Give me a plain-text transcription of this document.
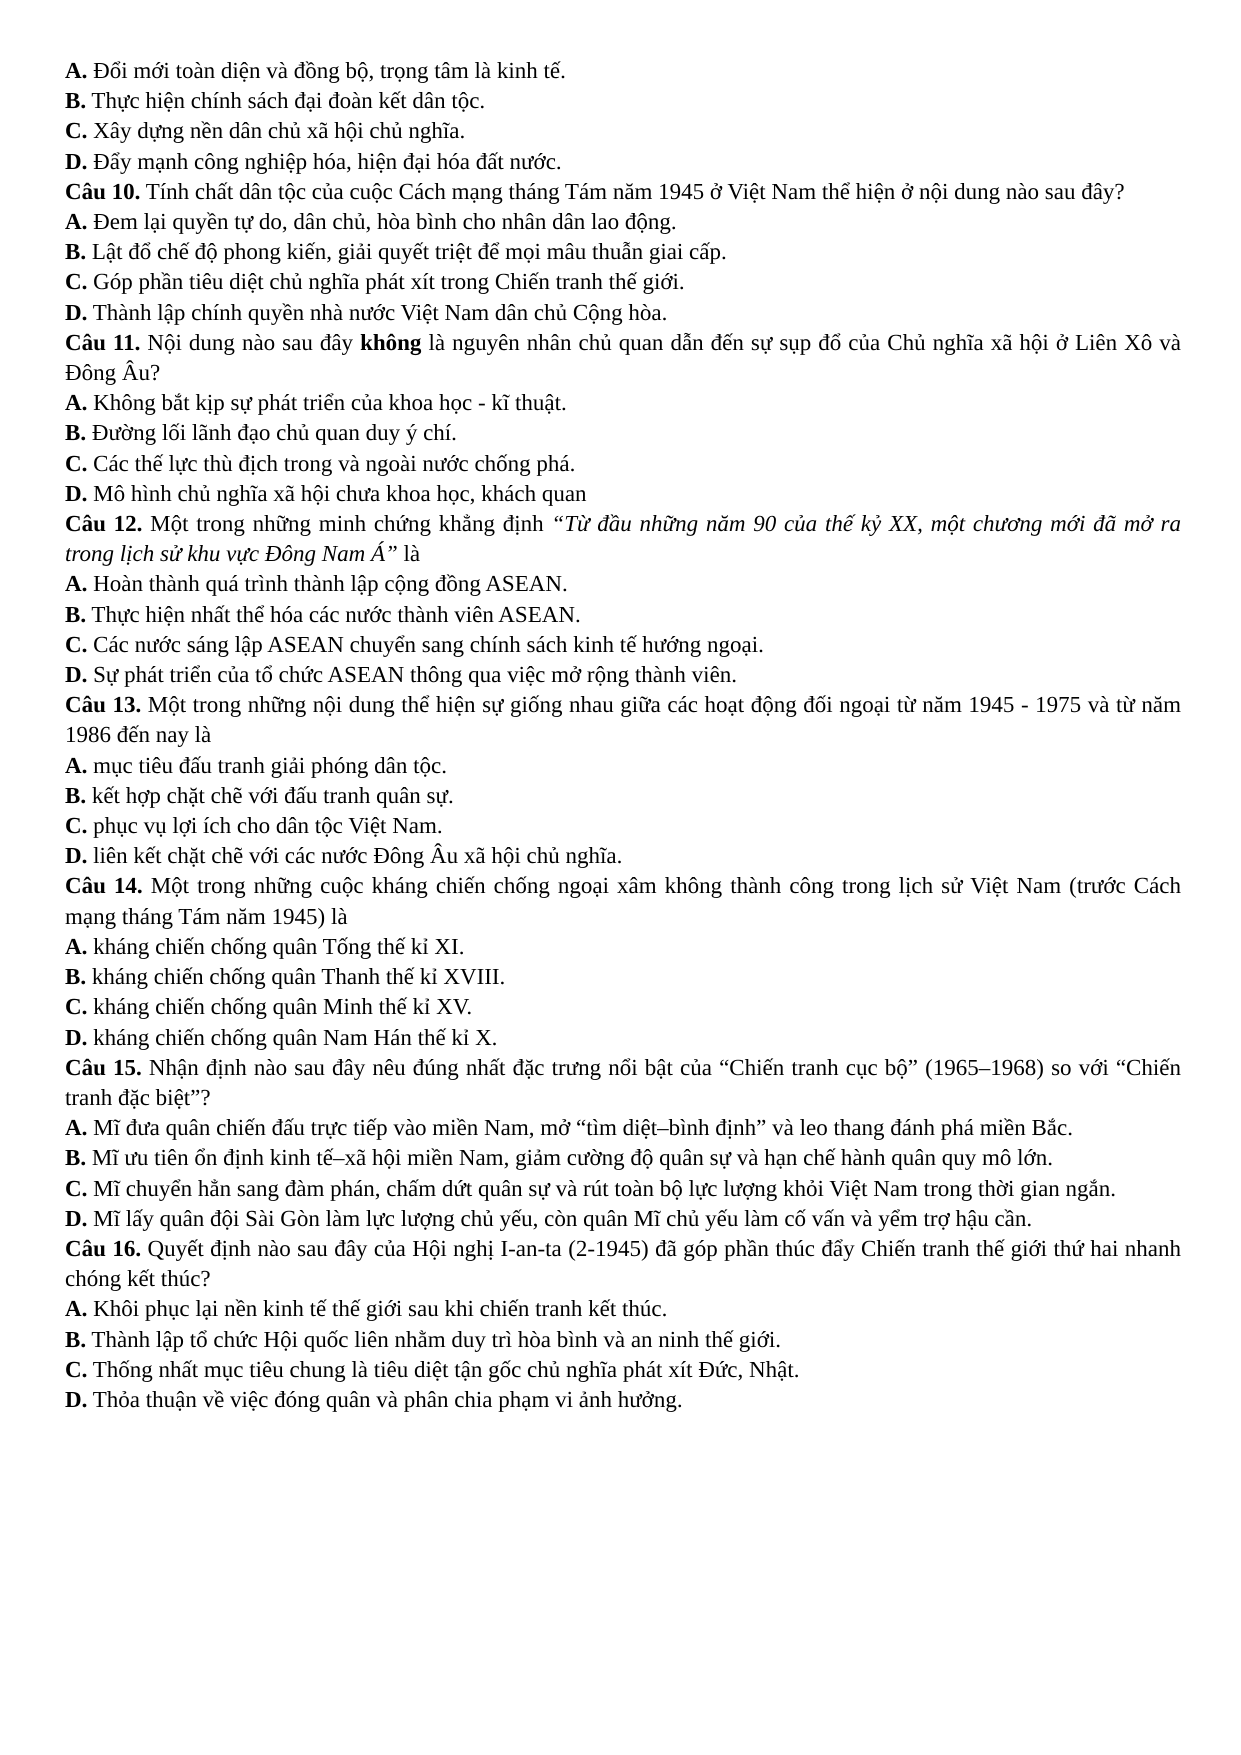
A. Đổi mới toàn diện và đồng bộ, trọng tâm là kinh tế.
B. Thực hiện chính sách đại đoàn kết dân tộc.
C. Xây dựng nền dân chủ xã hội chủ nghĩa.
D. Đẩy mạnh công nghiệp hóa, hiện đại hóa đất nước.
Câu 10. Tính chất dân tộc của cuộc Cách mạng tháng Tám năm 1945 ở Việt Nam thể hiện ở nội dung nào sau đây?
A. Đem lại quyền tự do, dân chủ, hòa bình cho nhân dân lao động.
B. Lật đổ chế độ phong kiến, giải quyết triệt để mọi mâu thuẫn giai cấp.
C. Góp phần tiêu diệt chủ nghĩa phát xít trong Chiến tranh thế giới.
D. Thành lập chính quyền nhà nước Việt Nam dân chủ Cộng hòa.
Câu 11. Nội dung nào sau đây không là nguyên nhân chủ quan dẫn đến sự sụp đổ của Chủ nghĩa xã hội ở Liên Xô và Đông Âu?
A. Không bắt kịp sự phát triển của khoa học - kĩ thuật.
B. Đường lối lãnh đạo chủ quan duy ý chí.
C. Các thế lực thù địch trong và ngoài nước chống phá.
D. Mô hình chủ nghĩa xã hội chưa khoa học, khách quan
Câu 12. Một trong những minh chứng khẳng định “Từ đầu những năm 90 của thế kỷ XX, một chương mới đã mở ra trong lịch sử khu vực Đông Nam Á” là
A. Hoàn thành quá trình thành lập cộng đồng ASEAN.
B. Thực hiện nhất thể hóa các nước thành viên ASEAN.
C. Các nước sáng lập ASEAN chuyển sang chính sách kinh tế hướng ngoại.
D. Sự phát triển của tổ chức ASEAN thông qua việc mở rộng thành viên.
Câu 13. Một trong những nội dung thể hiện sự giống nhau giữa các hoạt động đối ngoại từ năm 1945 - 1975 và từ năm 1986 đến nay là
A. mục tiêu đấu tranh giải phóng dân tộc.
B. kết hợp chặt chẽ với đấu tranh quân sự.
C. phục vụ lợi ích cho dân tộc Việt Nam.
D. liên kết chặt chẽ với các nước Đông Âu xã hội chủ nghĩa.
Câu 14. Một trong những cuộc kháng chiến chống ngoại xâm không thành công trong lịch sử Việt Nam (trước Cách mạng tháng Tám năm 1945) là
A. kháng chiến chống quân Tống thế kỉ XI.
B. kháng chiến chống quân Thanh thế kỉ XVIII.
C. kháng chiến chống quân Minh thế kỉ XV.
D. kháng chiến chống quân Nam Hán thế kỉ X.
Câu 15. Nhận định nào sau đây nêu đúng nhất đặc trưng nổi bật của “Chiến tranh cục bộ” (1965–1968) so với “Chiến tranh đặc biệt”?
A. Mĩ đưa quân chiến đấu trực tiếp vào miền Nam, mở “tìm diệt–bình định” và leo thang đánh phá miền Bắc.
B. Mĩ ưu tiên ổn định kinh tế–xã hội miền Nam, giảm cường độ quân sự và hạn chế hành quân quy mô lớn.
C. Mĩ chuyển hẳn sang đàm phán, chấm dứt quân sự và rút toàn bộ lực lượng khỏi Việt Nam trong thời gian ngắn.
D. Mĩ lấy quân đội Sài Gòn làm lực lượng chủ yếu, còn quân Mĩ chủ yếu làm cố vấn và yểm trợ hậu cần.
Câu 16. Quyết định nào sau đây của Hội nghị I-an-ta (2-1945) đã góp phần thúc đẩy Chiến tranh thế giới thứ hai nhanh chóng kết thúc?
A. Khôi phục lại nền kinh tế thế giới sau khi chiến tranh kết thúc.
B. Thành lập tổ chức Hội quốc liên nhằm duy trì hòa bình và an ninh thế giới.
C. Thống nhất mục tiêu chung là tiêu diệt tận gốc chủ nghĩa phát xít Đức, Nhật.
D. Thỏa thuận về việc đóng quân và phân chia phạm vi ảnh hưởng.
